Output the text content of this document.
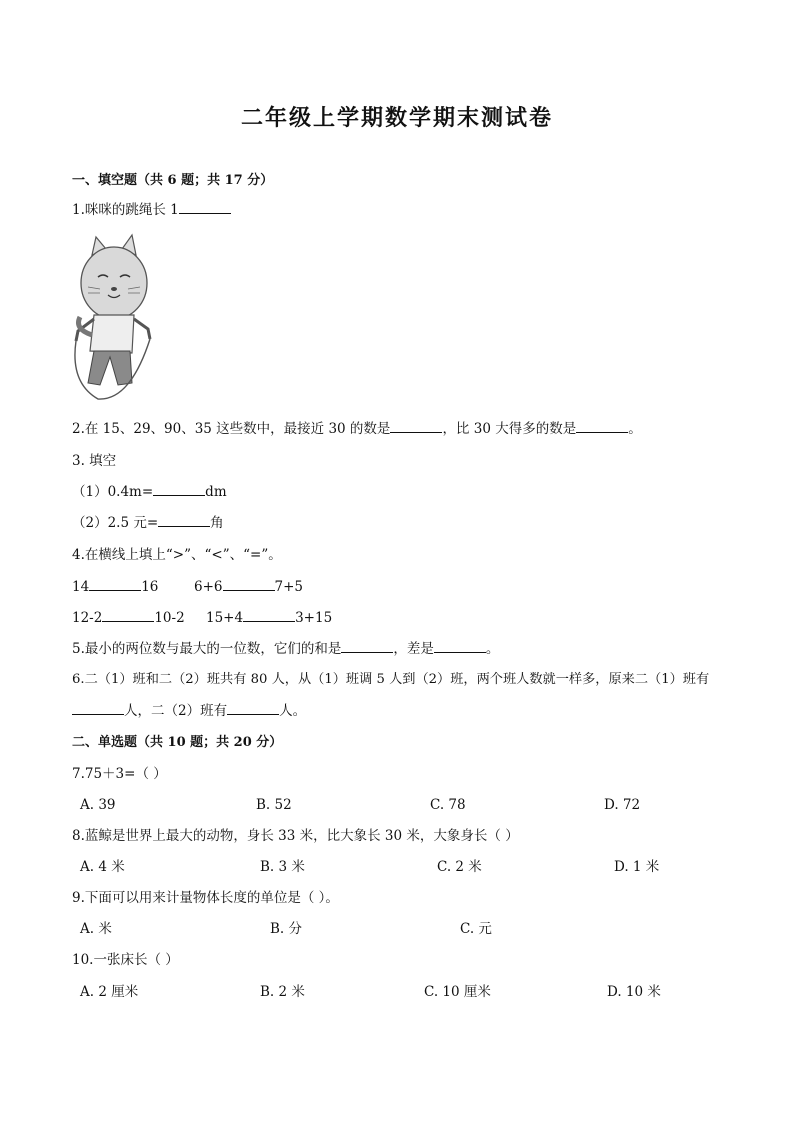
二年级上学期数学期末测试卷
一、填空题（共 6 题；共 17 分）
1.咪咪的跳绳长 1
2.在 15、29、90、35 这些数中，最接近 30 的数是	，比 30 大得多的数是	。
3. 填空
（1）0.4m=	dm
（2）2.5 元=	角
4.在横线上填上“>”、“<”、“=”。
14	16	6+6	7+5
12-2	10-2 15+4	3+15
5.最小的两位数与最大的一位数，它们的和是	，差是	。
6.二（1）班和二（2）班共有 80 人，从（1）班调 5 人到（2）班，两个班人数就一样多，原来二（1）班有
人，二（2）班有	人。
二、单选题（共 10 题；共 20 分）
7.75＋3=（ ）
A. 39	B. 52	C. 78	D. 72
8.蓝鲸是世界上最大的动物，身长 33 米，比大象长 30 米，大象身长（ ）
A. 4 米	B. 3 米	C. 2 米	D. 1 米
9.下面可以用来计量物体长度的单位是（ ）。
A. 米	B. 分	C. 元
10.一张床长（ ）
A. 2 厘米	B. 2 米	C. 10 厘米	D. 10 米
